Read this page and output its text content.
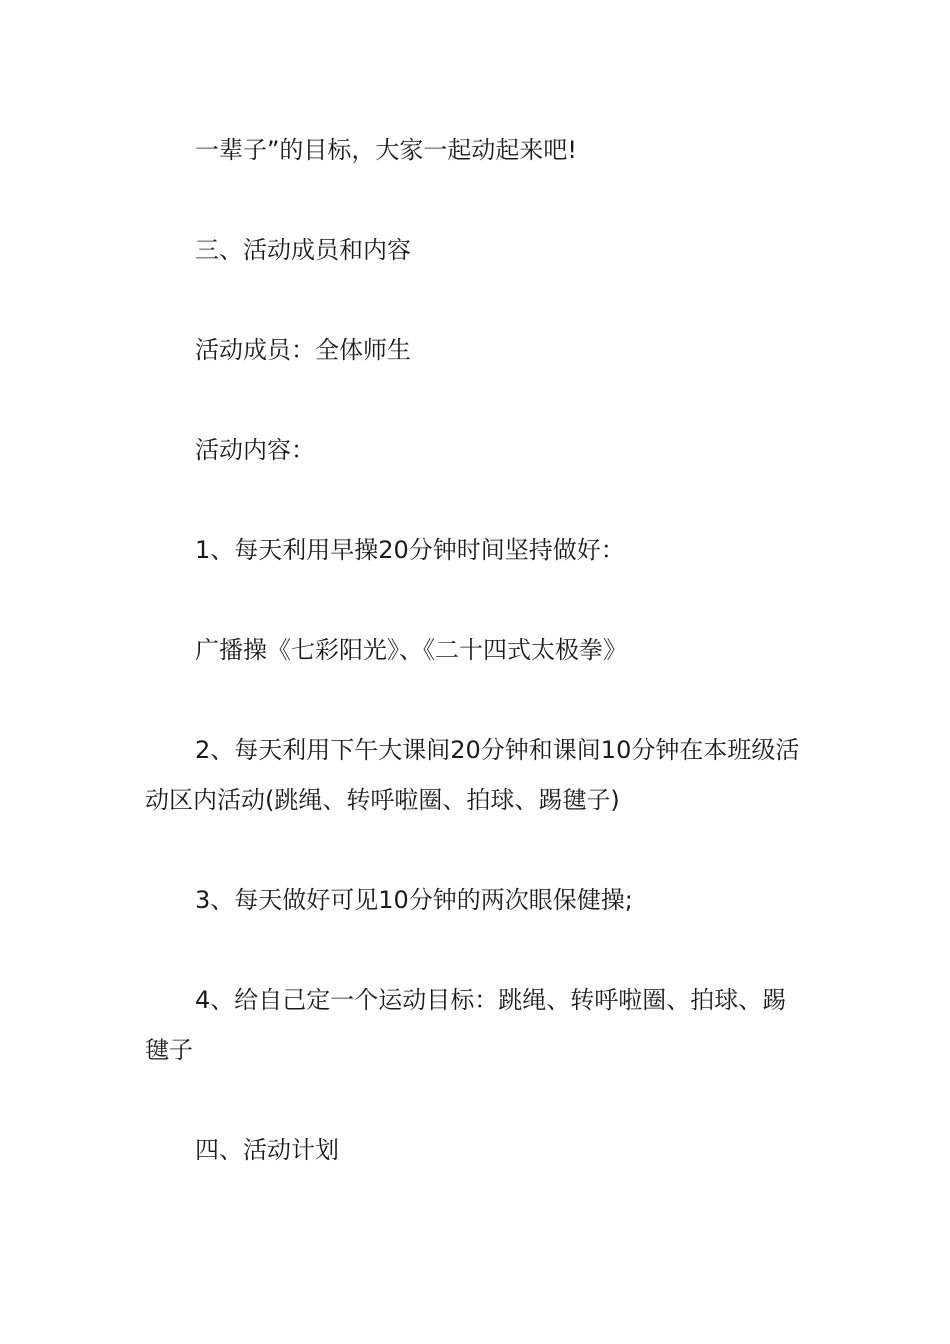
一辈子”的目标，大家一起动起来吧!

三、活动成员和内容

活动成员：全体师生

活动内容：

1、每天利用早操20分钟时间坚持做好：

广播操《七彩阳光》、《二十四式太极拳》

2、每天利用下午大课间20分钟和课间10分钟在本班级活动区内活动(跳绳、转呼啦圈、拍球、踢毽子)

3、每天做好可见10分钟的两次眼保健操;

4、给自己定一个运动目标：跳绳、转呼啦圈、拍球、踢毽子

四、活动计划
